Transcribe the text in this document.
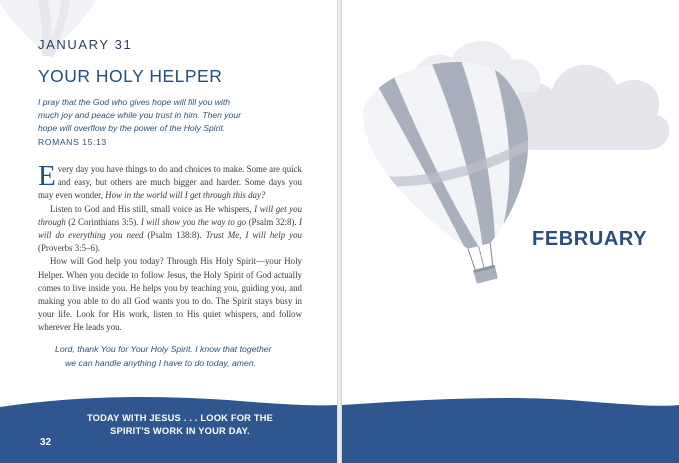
JANUARY 31
YOUR HOLY HELPER

I pray that the God who gives hope will fill you with
much joy and peace while you trust in him. Then your
hope will overflow by the power of the Holy Spirit.

ROMANS 15:13

Every day you have things to do and choices to make. Some are quick and easy, but others are much bigger and harder. Some days you may even wonder, How in the world will I get through this day?

Listen to God and His still, small voice as He whispers, I will get you through (2 Corinthians 3:5). I will show you the way to go (Psalm 32:8). I will do everything you need (Psalm 138:8). Trust Me, I will help you (Proverbs 3:5–6).

How will God help you today? Through His Holy Spirit—your Holy Helper. When you decide to follow Jesus, the Holy Spirit of God actually comes to live inside you. He helps you by teaching you, guiding you, and making you able to do all God wants you to do. The Spirit stays busy in your life. Look for His work, listen to His quiet whispers, and follow wherever He leads you.

Lord, thank You for Your Holy Spirit. I know that together
we can handle anything I have to do today, amen.

TODAY WITH JESUS . . . LOOK FOR THE
SPIRIT'S WORK IN YOUR DAY.

32

FEBRUARY
